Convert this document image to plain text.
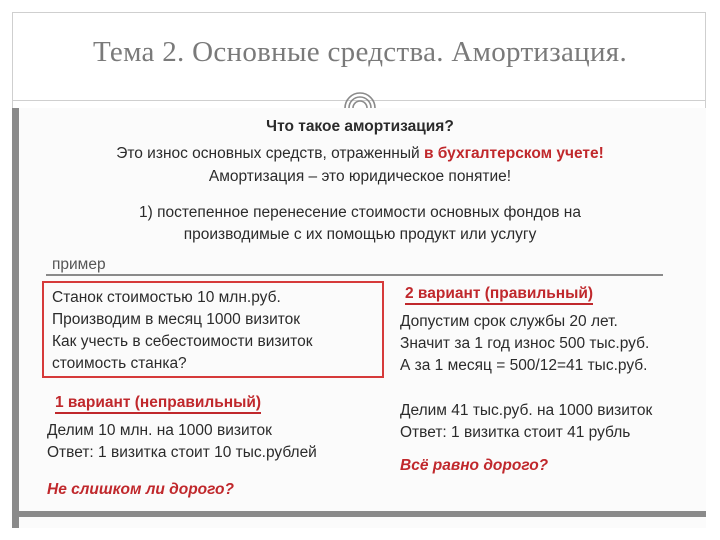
Тема 2. Основные средства. Амортизация.
Что такое амортизация?
Это износ основных средств, отраженный в бухгалтерском учете!
Амортизация – это юридическое понятие!
1) постепенное перенесение стоимости основных фондов на
производимые с их помощью продукт или услугу
пример
Станок стоимостью 10 млн.руб.
Производим в месяц 1000 визиток
Как учесть в себестоимости визиток
стоимость станка?
2 вариант (правильный)
Допустим срок службы 20 лет.
Значит за 1 год износ 500 тыс.руб.
А за 1 месяц = 500/12=41 тыс.руб.
1 вариант (неправильный)
Делим 10 млн. на 1000 визиток
Ответ: 1 визитка стоит 10 тыс.рублей
Не слишком ли дорого?
Делим 41 тыс.руб. на 1000 визиток
Ответ: 1 визитка стоит 41 рубль
Всё равно дорого?
